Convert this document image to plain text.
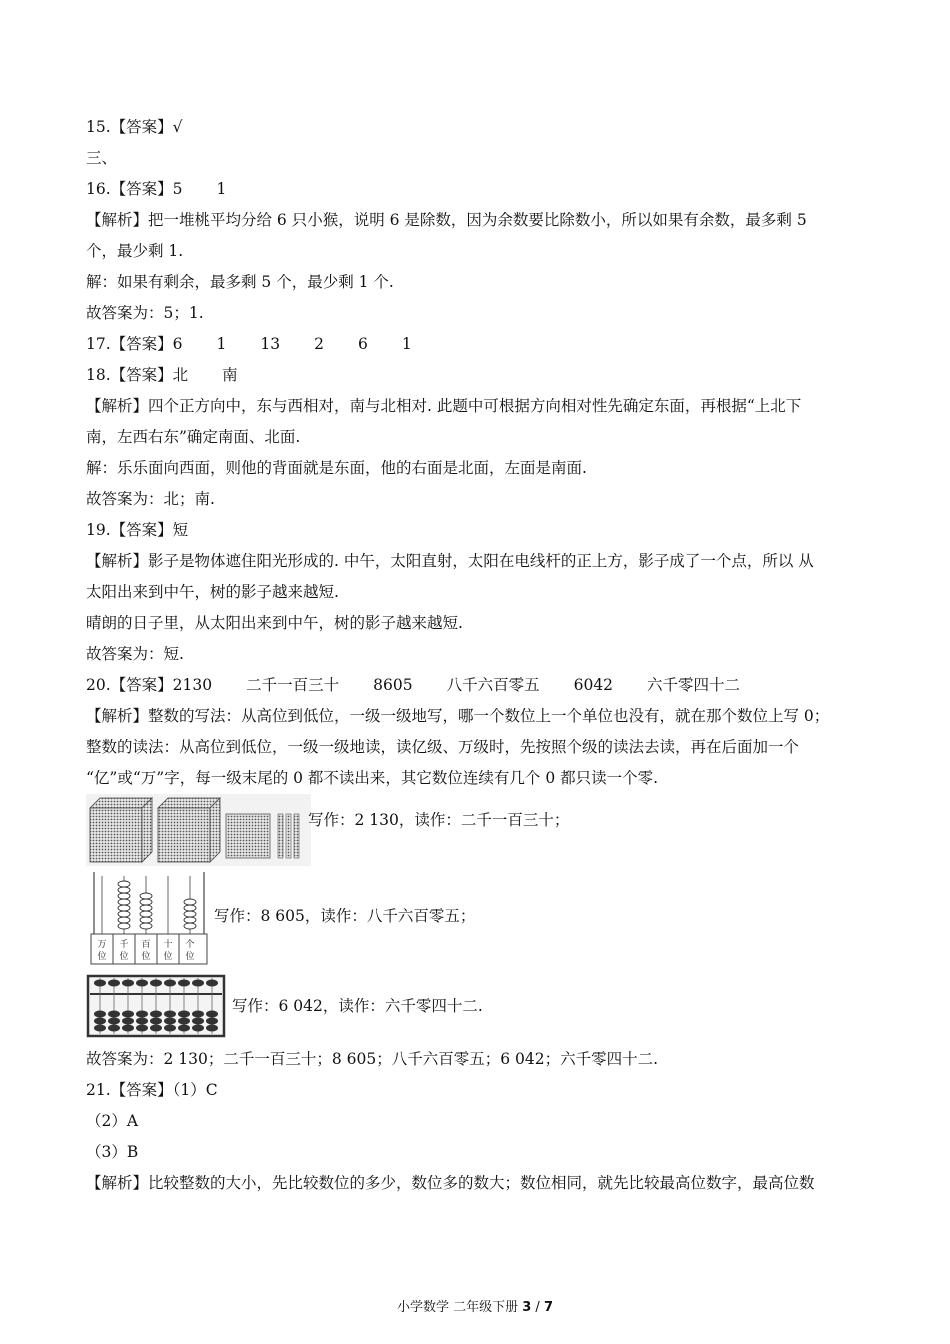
15.【答案】√
三、
16.【答案】5 1
【解析】把一堆桃平均分给 6 只小猴，说明 6 是除数，因为余数要比除数小，所以如果有余数，最多剩 5
个，最少剩 1.
解：如果有剩余，最多剩 5 个，最少剩 1 个.
故答案为：5；1.
17.【答案】6 1 13 2 6 1
18.【答案】北 南
【解析】四个正方向中，东与西相对，南与北相对. 此题中可根据方向相对性先确定东面，再根据“上北下
南，左西右东”确定南面、北面.
解：乐乐面向西面，则他的背面就是东面，他的右面是北面，左面是南面.
故答案为：北；南.
19.【答案】短
【解析】影子是物体遮住阳光形成的. 中午，太阳直射，太阳在电线杆的正上方，影子成了一个点，所以 从
太阳出来到中午，树的影子越来越短.
晴朗的日子里，从太阳出来到中午，树的影子越来越短.
故答案为：短.
20.【答案】2130 二千一百三十 8605 八千六百零五 6042 六千零四十二
【解析】整数的写法：从高位到低位，一级一级地写，哪一个数位上一个单位也没有，就在那个数位上写 0；
整数的读法：从高位到低位，一级一级地读，读亿级、万级时，先按照个级的读法去读，再在后面加一个
“亿”或“万”字，每一级末尾的 0 都不读出来，其它数位连续有几个 0 都只读一个零.
写作：2 130，读作：二千一百三十；
万位
千位
百位
十位
个位
写作：8 605，读作：八千六百零五；
写作：6 042，读作：六千零四十二.
故答案为：2 130；二千一百三十；8 605；八千六百零五；6 042；六千零四十二.
21.【答案】（1）C
（2）A
（3）B
【解析】比较整数的大小，先比较数位的多少，数位多的数大；数位相同，就先比较最高位数字，最高位数
小学数学 二年级下册 3 / 7
